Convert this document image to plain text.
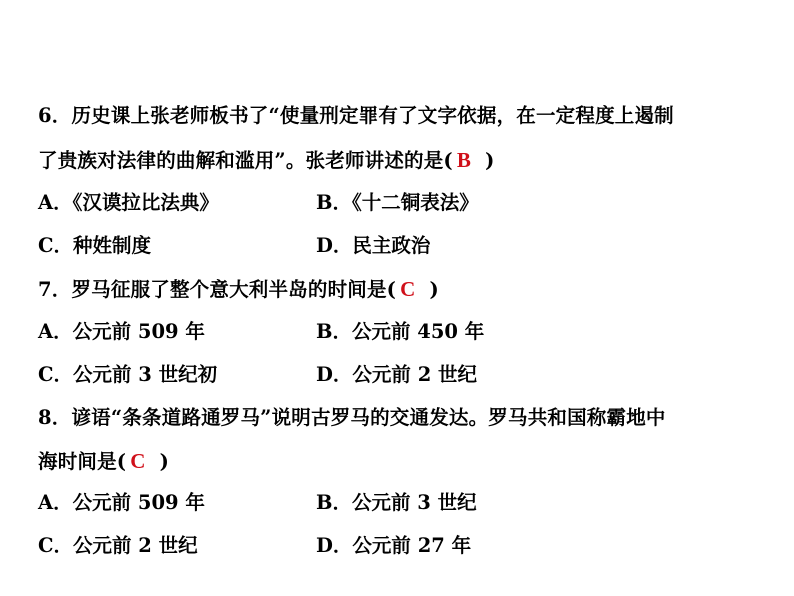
6．历史课上张老师板书了“使量刑定罪有了文字依据，在一定程度上遏制
了贵族对法律的曲解和滥用”。张老师讲述的是( B )
A．《汉谟拉比法典》	B．《十二铜表法》
C．种姓制度	D．民主政治
7．罗马征服了整个意大利半岛的时间是( C )
A．公元前 509 年	B．公元前 450 年
C．公元前 3 世纪初	D．公元前 2 世纪
8．谚语“条条道路通罗马”说明古罗马的交通发达。罗马共和国称霸地中
海时间是( C )
A．公元前 509 年	B．公元前 3 世纪
C．公元前 2 世纪	D．公元前 27 年
